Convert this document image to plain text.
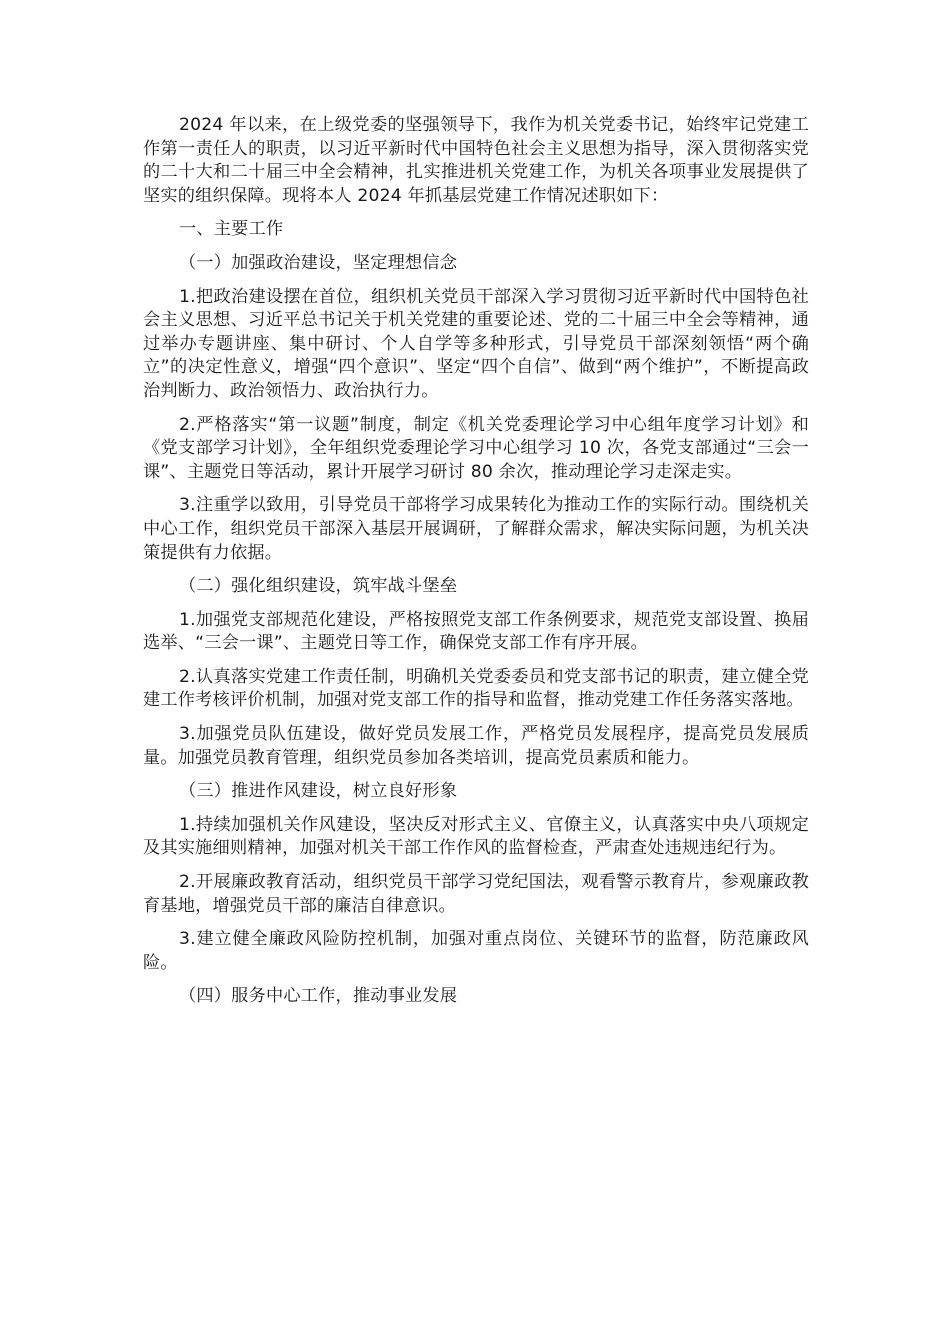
2024 年以来，在上级党委的坚强领导下，我作为机关党委书记，始终牢记党建工作第一责任人的职责，以习近平新时代中国特色社会主义思想为指导，深入贯彻落实党的二十大和二十届三中全会精神，扎实推进机关党建工作，为机关各项事业发展提供了坚实的组织保障。现将本人 2024 年抓基层党建工作情况述职如下：

一、主要工作

（一）加强政治建设，坚定理想信念

1.把政治建设摆在首位，组织机关党员干部深入学习贯彻习近平新时代中国特色社会主义思想、习近平总书记关于机关党建的重要论述、党的二十届三中全会等精神，通过举办专题讲座、集中研讨、个人自学等多种形式，引导党员干部深刻领悟“两个确立”的决定性意义，增强“四个意识”、坚定“四个自信”、做到“两个维护”，不断提高政治判断力、政治领悟力、政治执行力。

2.严格落实“第一议题”制度，制定《机关党委理论学习中心组年度学习计划》和《党支部学习计划》，全年组织党委理论学习中心组学习 10 次，各党支部通过“三会一课”、主题党日等活动，累计开展学习研讨 80 余次，推动理论学习走深走实。

3.注重学以致用，引导党员干部将学习成果转化为推动工作的实际行动。围绕机关中心工作，组织党员干部深入基层开展调研，了解群众需求，解决实际问题，为机关决策提供有力依据。

（二）强化组织建设，筑牢战斗堡垒

1.加强党支部规范化建设，严格按照党支部工作条例要求，规范党支部设置、换届选举、“三会一课”、主题党日等工作，确保党支部工作有序开展。

2.认真落实党建工作责任制，明确机关党委委员和党支部书记的职责，建立健全党建工作考核评价机制，加强对党支部工作的指导和监督，推动党建工作任务落实落地。

3.加强党员队伍建设，做好党员发展工作，严格党员发展程序，提高党员发展质量。加强党员教育管理，组织党员参加各类培训，提高党员素质和能力。

（三）推进作风建设，树立良好形象

1.持续加强机关作风建设，坚决反对形式主义、官僚主义，认真落实中央八项规定及其实施细则精神，加强对机关干部工作作风的监督检查，严肃查处违规违纪行为。

2.开展廉政教育活动，组织党员干部学习党纪国法，观看警示教育片，参观廉政教育基地，增强党员干部的廉洁自律意识。

3.建立健全廉政风险防控机制，加强对重点岗位、关键环节的监督，防范廉政风险。

（四）服务中心工作，推动事业发展
